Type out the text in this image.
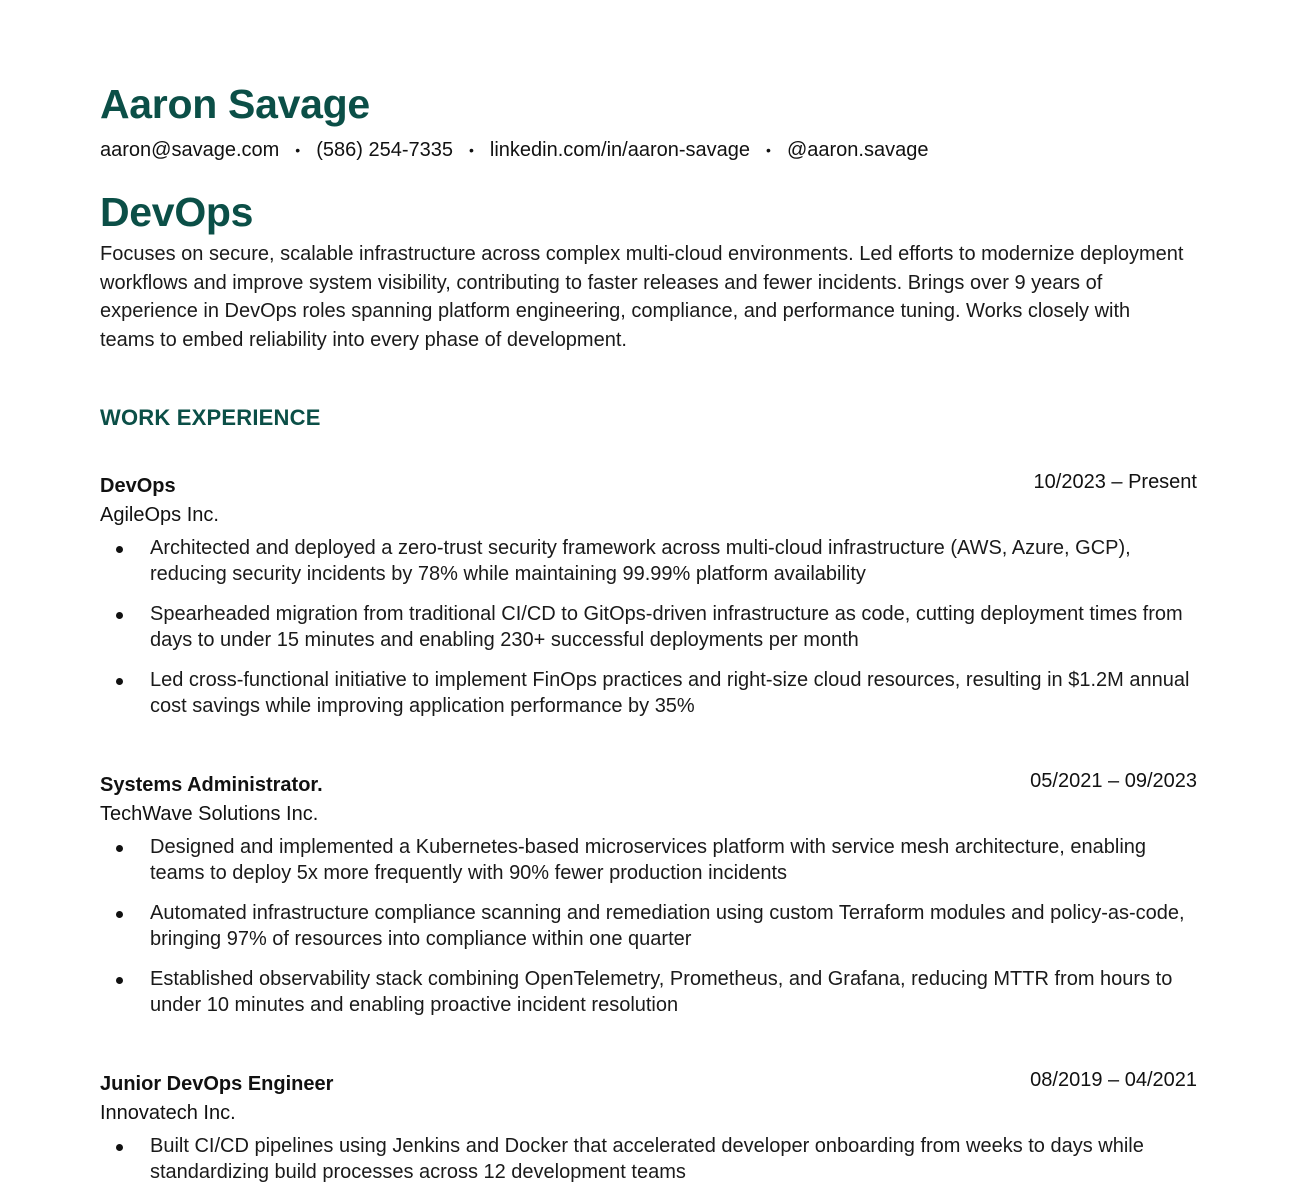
Aaron Savage
aaron@savage.com • (586) 254-7335 • linkedin.com/in/aaron-savage • @aaron.savage
DevOps

Focuses on secure, scalable infrastructure across complex multi-cloud environments. Led efforts to modernize deployment workflows and improve system visibility, contributing to faster releases and fewer incidents. Brings over 9 years of experience in DevOps roles spanning platform engineering, compliance, and performance tuning. Works closely with teams to embed reliability into every phase of development.

WORK EXPERIENCE
DevOps	10/2023 – Present
AgileOps Inc.
Architected and deployed a zero-trust security framework across multi-cloud infrastructure (AWS, Azure, GCP), reducing security incidents by 78% while maintaining 99.99% platform availability
Spearheaded migration from traditional CI/CD to GitOps-driven infrastructure as code, cutting deployment times from days to under 15 minutes and enabling 230+ successful deployments per month
Led cross-functional initiative to implement FinOps practices and right-size cloud resources, resulting in $1.2M annual cost savings while improving application performance by 35%
Systems Administrator.	05/2021 – 09/2023
TechWave Solutions Inc.
Designed and implemented a Kubernetes-based microservices platform with service mesh architecture, enabling teams to deploy 5x more frequently with 90% fewer production incidents
Automated infrastructure compliance scanning and remediation using custom Terraform modules and policy-as-code, bringing 97% of resources into compliance within one quarter
Established observability stack combining OpenTelemetry, Prometheus, and Grafana, reducing MTTR from hours to under 10 minutes and enabling proactive incident resolution
Junior DevOps Engineer	08/2019 – 04/2021
Innovatech Inc.
Built CI/CD pipelines using Jenkins and Docker that accelerated developer onboarding from weeks to days while standardizing build processes across 12 development teams
